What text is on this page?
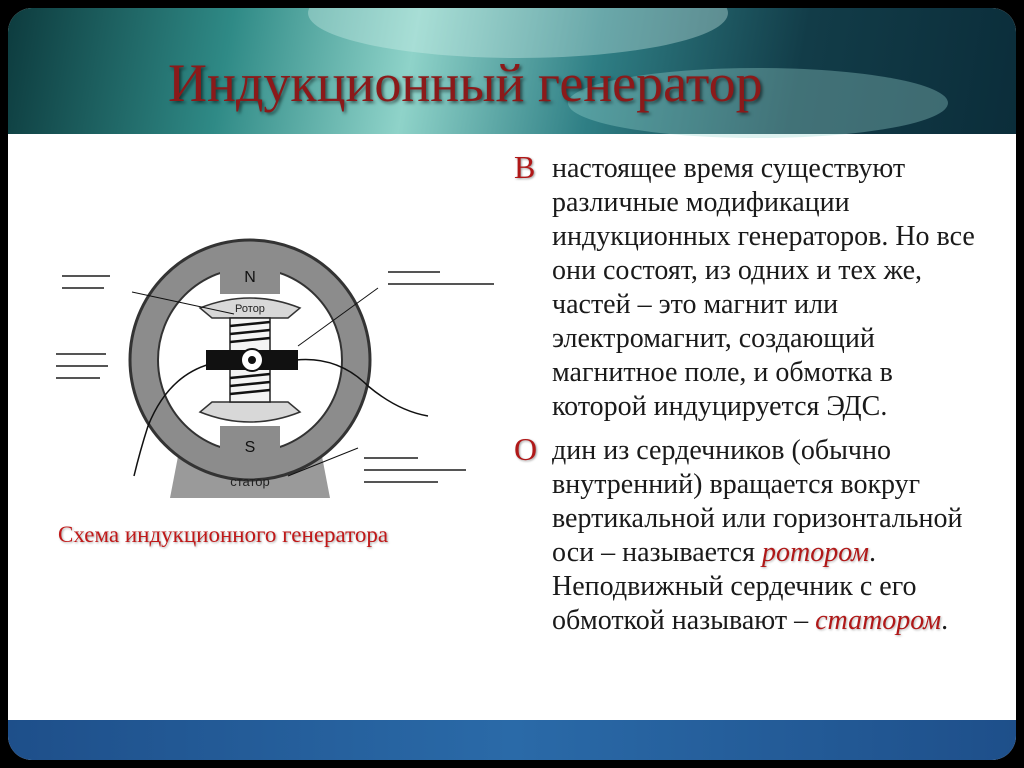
Индукционный генератор
N
S
Ротор
статор

Схема индукционного генератора

В настоящее время существуют различные модификации индукционных генераторов. Но все они состоят, из одних и тех же, частей – это магнит или электромагнит, создающий магнитное поле, и обмотка в которой индуцируется ЭДС.

О дин из сердечников (обычно внутренний) вращается вокруг вертикальной или горизонтальной оси – называется ротором. Неподвижный сердечник с его обмоткой называют – статором.
